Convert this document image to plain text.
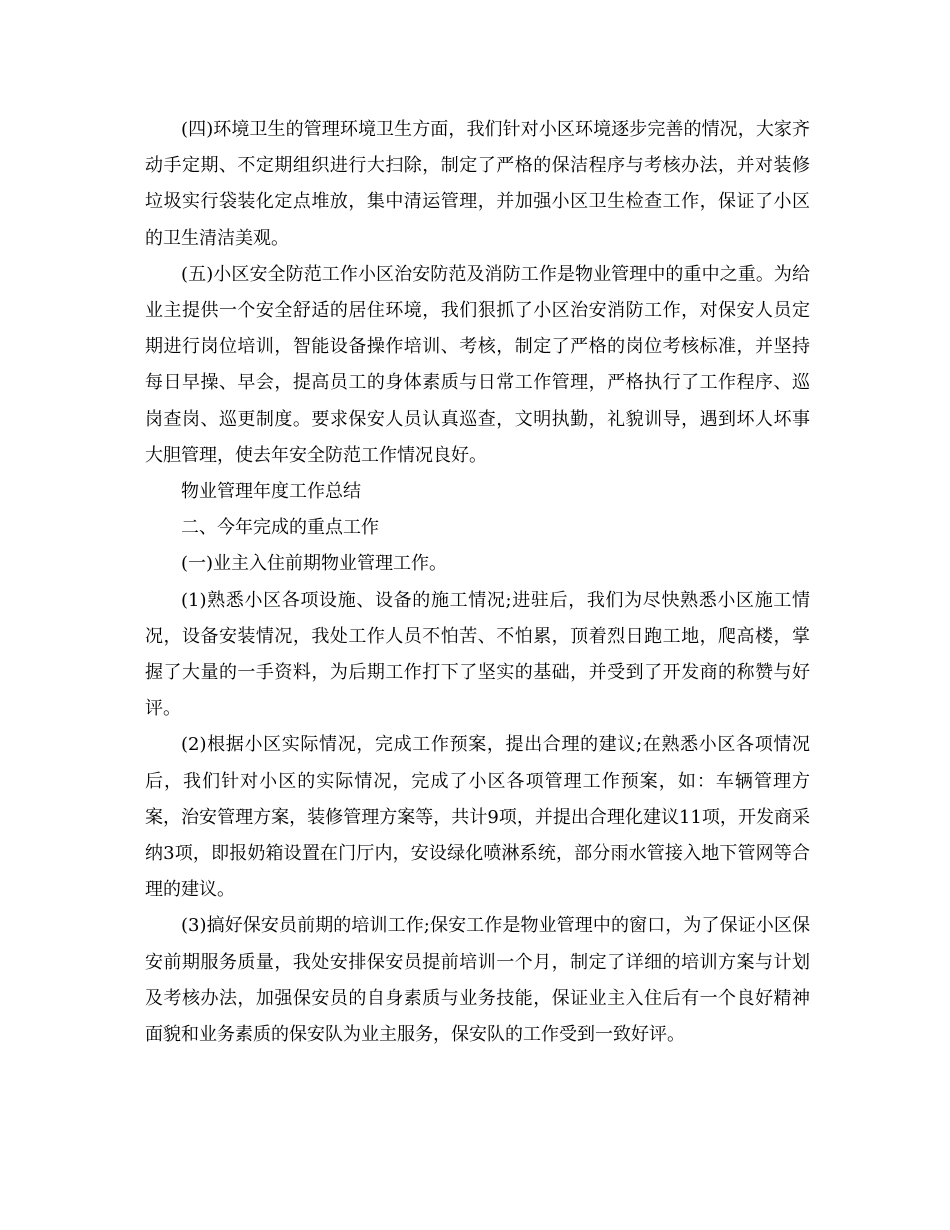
(四)环境卫生的管理环境卫生方面，我们针对小区环境逐步完善的情况，大家齐动手定期、不定期组织进行大扫除，制定了严格的保洁程序与考核办法，并对装修垃圾实行袋装化定点堆放，集中清运管理，并加强小区卫生检查工作，保证了小区的卫生清洁美观。

(五)小区安全防范工作小区治安防范及消防工作是物业管理中的重中之重。为给业主提供一个安全舒适的居住环境，我们狠抓了小区治安消防工作，对保安人员定期进行岗位培训，智能设备操作培训、考核，制定了严格的岗位考核标准，并坚持每日早操、早会，提高员工的身体素质与日常工作管理，严格执行了工作程序、巡岗查岗、巡更制度。要求保安人员认真巡查，文明执勤，礼貌训导，遇到坏人坏事大胆管理，使去年安全防范工作情况良好。

物业管理年度工作总结

二、今年完成的重点工作

(一)业主入住前期物业管理工作。

(1)熟悉小区各项设施、设备的施工情况;进驻后，我们为尽快熟悉小区施工情况，设备安装情况，我处工作人员不怕苦、不怕累，顶着烈日跑工地，爬高楼，掌握了大量的一手资料，为后期工作打下了坚实的基础，并受到了开发商的称赞与好评。

(2)根据小区实际情况，完成工作预案，提出合理的建议;在熟悉小区各项情况后，我们针对小区的实际情况，完成了小区各项管理工作预案，如：车辆管理方案，治安管理方案，装修管理方案等，共计9项，并提出合理化建议11项，开发商采纳3项，即报奶箱设置在门厅内，安设绿化喷淋系统，部分雨水管接入地下管网等合理的建议。

(3)搞好保安员前期的培训工作;保安工作是物业管理中的窗口，为了保证小区保安前期服务质量，我处安排保安员提前培训一个月，制定了详细的培训方案与计划及考核办法，加强保安员的自身素质与业务技能，保证业主入住后有一个良好精神面貌和业务素质的保安队为业主服务，保安队的工作受到一致好评。
